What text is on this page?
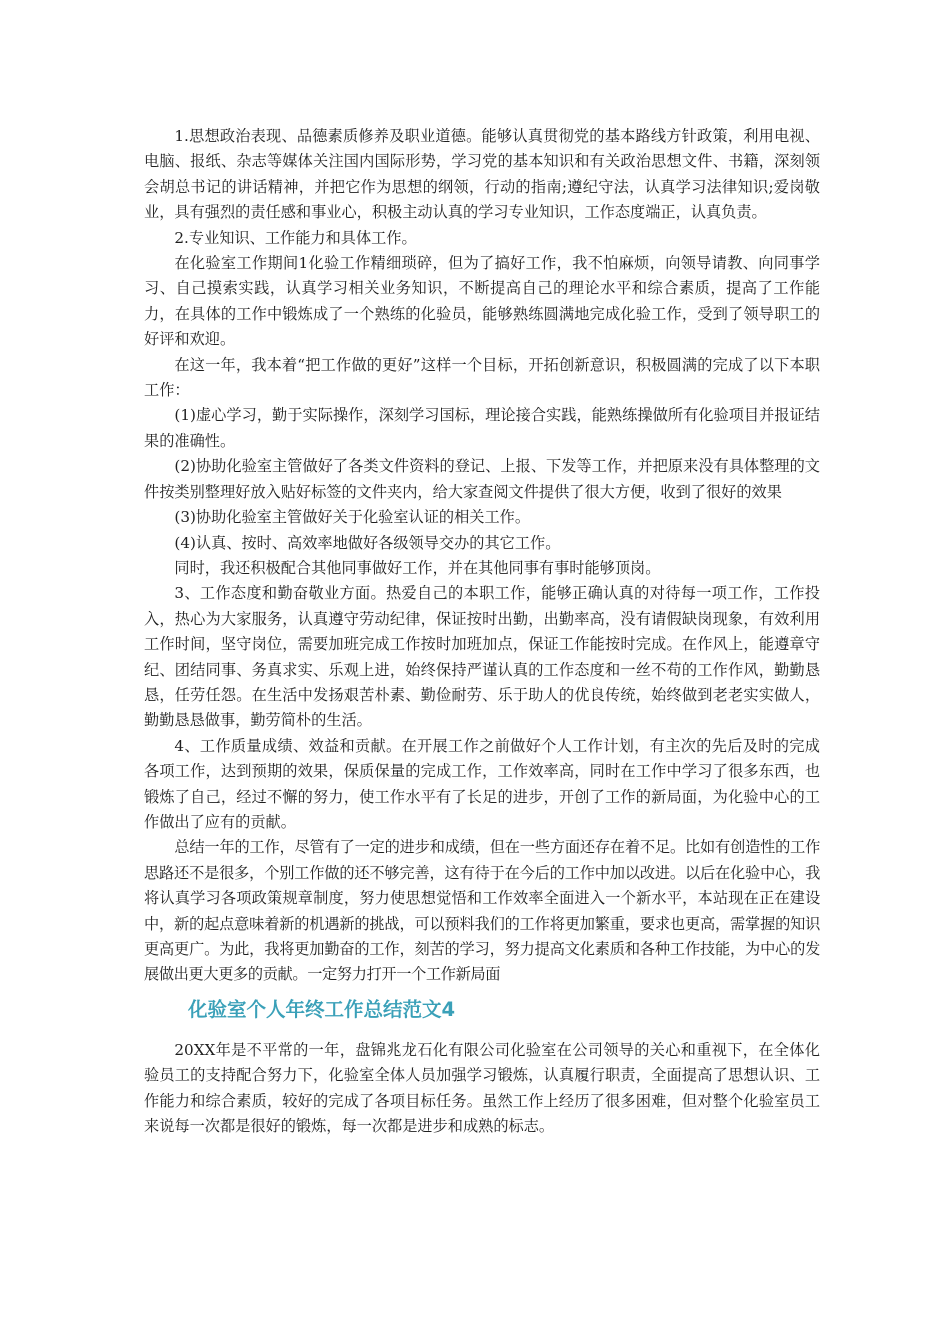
1.思想政治表现、品德素质修养及职业道德。能够认真贯彻党的基本路线方针政策，利用电视、电脑、报纸、杂志等媒体关注国内国际形势，学习党的基本知识和有关政治思想文件、书籍，深刻领会胡总书记的讲话精神，并把它作为思想的纲领，行动的指南;遵纪守法，认真学习法律知识;爱岗敬业，具有强烈的责任感和事业心，积极主动认真的学习专业知识，工作态度端正，认真负责。

2.专业知识、工作能力和具体工作。

在化验室工作期间1化验工作精细琐碎，但为了搞好工作，我不怕麻烦，向领导请教、向同事学习、自己摸索实践，认真学习相关业务知识，不断提高自己的理论水平和综合素质，提高了工作能力，在具体的工作中锻炼成了一个熟练的化验员，能够熟练圆满地完成化验工作，受到了领导职工的好评和欢迎。

在这一年，我本着“把工作做的更好”这样一个目标，开拓创新意识，积极圆满的完成了以下本职工作：

(1)虚心学习，勤于实际操作，深刻学习国标，理论接合实践，能熟练操做所有化验项目并报证结果的准确性。

(2)协助化验室主管做好了各类文件资料的登记、上报、下发等工作，并把原来没有具体整理的文件按类别整理好放入贴好标签的文件夹内，给大家查阅文件提供了很大方便，收到了很好的效果

(3)协助化验室主管做好关于化验室认证的相关工作。

(4)认真、按时、高效率地做好各级领导交办的其它工作。

同时，我还积极配合其他同事做好工作，并在其他同事有事时能够顶岗。

3、工作态度和勤奋敬业方面。热爱自己的本职工作，能够正确认真的对待每一项工作，工作投入，热心为大家服务，认真遵守劳动纪律，保证按时出勤，出勤率高，没有请假缺岗现象，有效利用工作时间，坚守岗位，需要加班完成工作按时加班加点，保证工作能按时完成。在作风上，能遵章守纪、团结同事、务真求实、乐观上进，始终保持严谨认真的工作态度和一丝不苟的工作作风，勤勤恳恳，任劳任怨。在生活中发扬艰苦朴素、勤俭耐劳、乐于助人的优良传统，始终做到老老实实做人，勤勤恳恳做事，勤劳简朴的生活。

4、工作质量成绩、效益和贡献。在开展工作之前做好个人工作计划，有主次的先后及时的完成各项工作，达到预期的效果，保质保量的完成工作，工作效率高，同时在工作中学习了很多东西，也锻炼了自己，经过不懈的努力，使工作水平有了长足的进步，开创了工作的新局面，为化验中心的工作做出了应有的贡献。

总结一年的工作，尽管有了一定的进步和成绩，但在一些方面还存在着不足。比如有创造性的工作思路还不是很多，个别工作做的还不够完善，这有待于在今后的工作中加以改进。以后在化验中心，我将认真学习各项政策规章制度，努力使思想觉悟和工作效率全面进入一个新水平，本站现在正在建设中，新的起点意味着新的机遇新的挑战，可以预料我们的工作将更加繁重，要求也更高，需掌握的知识更高更广。为此，我将更加勤奋的工作，刻苦的学习，努力提高文化素质和各种工作技能，为中心的发展做出更大更多的贡献。一定努力打开一个工作新局面

化验室个人年终工作总结范文4

20XX年是不平常的一年，盘锦兆龙石化有限公司化验室在公司领导的关心和重视下，在全体化验员工的支持配合努力下，化验室全体人员加强学习锻炼，认真履行职责，全面提高了思想认识、工作能力和综合素质，较好的完成了各项目标任务。虽然工作上经历了很多困难，但对整个化验室员工来说每一次都是很好的锻炼，每一次都是进步和成熟的标志。
